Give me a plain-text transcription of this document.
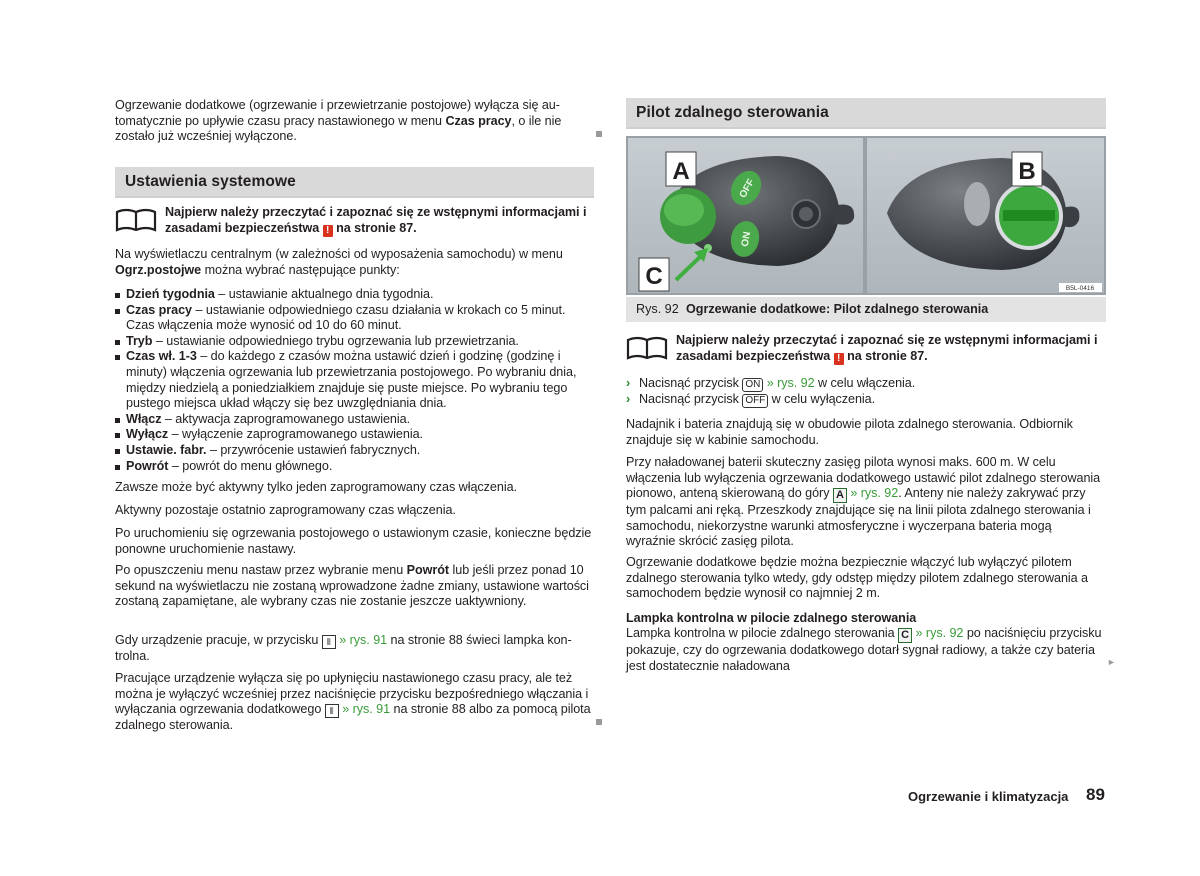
Ogrzewanie dodatkowe (ogrzewanie i przewietrzanie postojowe) wyłącza się automatycznie po upływie czasu pracy nastawionego w menu Czas pracy, o ile nie zostało już wcześniej wyłączone.

Ustawienia systemowe

Najpierw należy przeczytać i zapoznać się ze wstępnymi informacjami i zasadami bezpieczeństwa ! na stronie 87.

Na wyświetlaczu centralnym (w zależności od wyposażenia samochodu) w menu Ogrz.postojwe można wybrać następujące punkty:

Dzień tygodnia – ustawianie aktualnego dnia tygodnia.
Czas pracy – ustawianie odpowiedniego czasu działania w krokach co 5 minut. Czas włączenia może wynosić od 10 do 60 minut.
Tryb – ustawianie odpowiedniego trybu ogrzewania lub przewietrzania.
Czas wł. 1-3 – do każdego z czasów można ustawić dzień i godzinę (godzinę i minuty) włączenia ogrzewania lub przewietrzania postojowego. Po wybraniu dnia, między niedzielą a poniedziałkiem znajduje się puste miejsce. Po wybraniu tego pustego miejsca układ włączy się bez uwzględniania dnia.
Włącz – aktywacja zaprogramowanego ustawienia.
Wyłącz – wyłączenie zaprogramowanego ustawienia.
Ustawie. fabr. – przywrócenie ustawień fabrycznych.
Powrót – powrót do menu głównego.

Zawsze może być aktywny tylko jeden zaprogramowany czas włączenia.

Aktywny pozostaje ostatnio zaprogramowany czas włączenia.

Po uruchomieniu się ogrzewania postojowego o ustawionym czasie, konieczne będzie ponowne uruchomienie nastawy.

Po opuszczeniu menu nastaw przez wybranie menu Powrót lub jeśli przez ponad 10 sekund na wyświetlaczu nie zostaną wprowadzone żadne zmiany, ustawione wartości zostaną zapamiętane, ale wybrany czas nie zostanie jeszcze uaktywniony.

Gdy urządzenie pracuje, w przycisku ⦀ » rys. 91 na stronie 88 świeci lampka kontrolna.

Pracujące urządzenie wyłącza się po upłynięciu nastawionego czasu pracy, ale też można je wyłączyć wcześniej przez naciśnięcie przycisku bezpośredniego włączania i wyłączania ogrzewania dodatkowego ⦀ » rys. 91 na stronie 88 albo za pomocą pilota zdalnego sterowania.

Pilot zdalnego sterowania
OFF
ON
A
C
B
B5L-0416
Rys. 92 Ogrzewanie dodatkowe: Pilot zdalnego sterowania

Najpierw należy przeczytać i zapoznać się ze wstępnymi informacjami i zasadami bezpieczeństwa ! na stronie 87.

› Nacisnąć przycisk ON » rys. 92 w celu włączenia.
› Nacisnąć przycisk OFF w celu wyłączenia.

Nadajnik i bateria znajdują się w obudowie pilota zdalnego sterowania. Odbiornik znajduje się w kabinie samochodu.

Przy naładowanej baterii skuteczny zasięg pilota wynosi maks. 600 m. W celu włączenia lub wyłączenia ogrzewania dodatkowego ustawić pilot zdalnego sterowania pionowo, anteną skierowaną do góry A » rys. 92. Anteny nie należy zakrywać przy tym palcami ani ręką. Przeszkody znajdujące się na linii pilota zdalnego sterowania i samochodu, niekorzystne warunki atmosferyczne i wyczerpana bateria mogą wyraźnie skrócić zasięg pilota.

Ogrzewanie dodatkowe będzie można bezpiecznie włączyć lub wyłączyć pilotem zdalnego sterowania tylko wtedy, gdy odstęp między pilotem zdalnego sterowania a samochodem będzie wynosił co najmniej 2 m.

Lampka kontrolna w pilocie zdalnego sterowania

Lampka kontrolna w pilocie zdalnego sterowania C » rys. 92 po naciśnięciu przycisku pokazuje, czy do ogrzewania dodatkowego dotarł sygnał radiowy, a także czy bateria jest dostatecznie naładowana	►
Ogrzewanie i klimatyzacja 89
